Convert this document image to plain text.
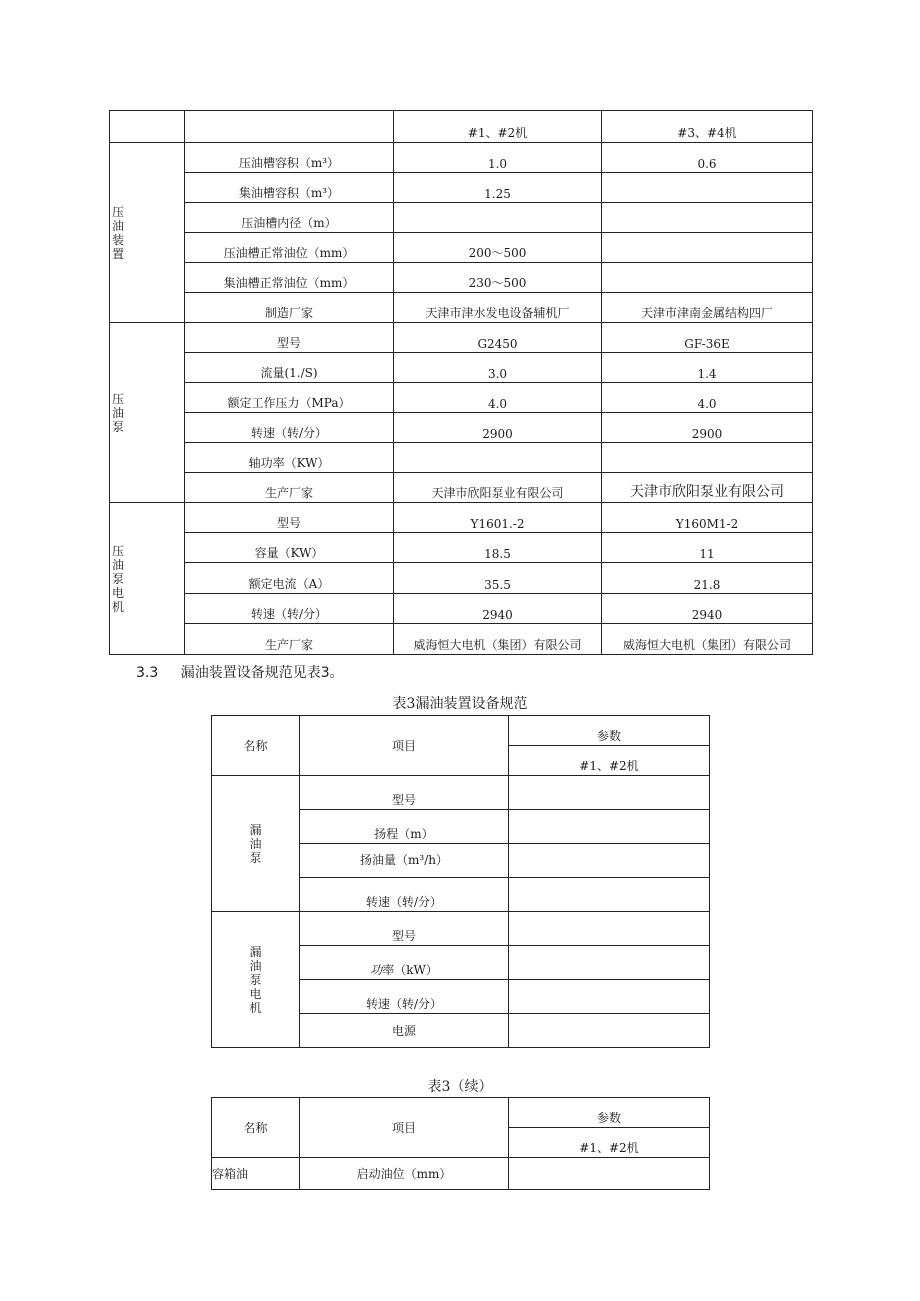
		#1、#2机	#3、#4机

压油装置	压油槽容积（m³）	1.0	0.6

	集油槽容积（m³）	1.25	

	压油槽内径（m）		

	压油槽正常油位（mm）	200～500	

	集油槽正常油位（mm）	230～500	

	制造厂家	天津市津水发电设备辅机厂	天津市津南金属结构四厂

压油泵	型号	G2450	GF-36E

	流量(1./S)	3.0	1.4

	额定工作压力（MPa）	4.0	4.0

	转速（转/分）	2900	2900

	轴功率（KW）		

	生产厂家	天津市欣阳泵业有限公司	天津市欣阳泵业有限公司

压油泵电机	型号	Y1601.-2	Y160M1-2

	容量（KW）	18.5	11

	额定电流（A）	35.5	21.8

	转速（转/分）	2940	2940

	生产厂家	威海恒大电机（集团）有限公司	威海恒大电机（集团）有限公司
3.3 漏油装置设备规范见表3。
表3漏油装置设备规范
名称	项目	参数

		#1、#2机

漏油泵	型号	

	扬程（m）	

	扬油量（m³/h）	

	转速（转/分）	

漏油泵电机	型号	

	功率（kW）	

	转速（转/分）	

	电源	
表3（续）
名称	项目	参数

		#1、#2机

容箱油	启动油位（mm）	
